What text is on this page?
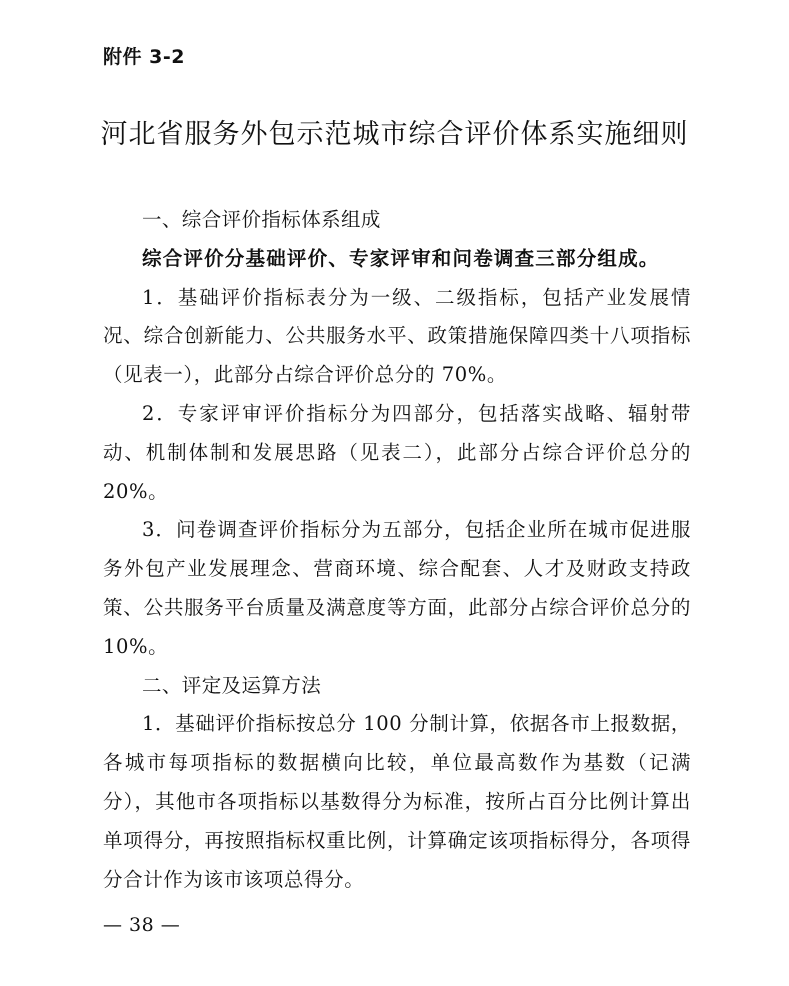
附件 3-2
河北省服务外包示范城市综合评价体系实施细则

一、综合评价指标体系组成

综合评价分基础评价、专家评审和问卷调查三部分组成。

1．基础评价指标表分为一级、二级指标，包括产业发展情况、综合创新能力、公共服务水平、政策措施保障四类十八项指标（见表一），此部分占综合评价总分的 70%。

2．专家评审评价指标分为四部分，包括落实战略、辐射带动、机制体制和发展思路（见表二），此部分占综合评价总分的 20%。

3．问卷调查评价指标分为五部分，包括企业所在城市促进服务外包产业发展理念、营商环境、综合配套、人才及财政支持政策、公共服务平台质量及满意度等方面，此部分占综合评价总分的 10%。

二、评定及运算方法

1．基础评价指标按总分 100 分制计算，依据各市上报数据，各城市每项指标的数据横向比较，单位最高数作为基数（记满分），其他市各项指标以基数得分为标准，按所占百分比例计算出单项得分，再按照指标权重比例，计算确定该项指标得分，各项得分合计作为该市该项总得分。

— 38 —
